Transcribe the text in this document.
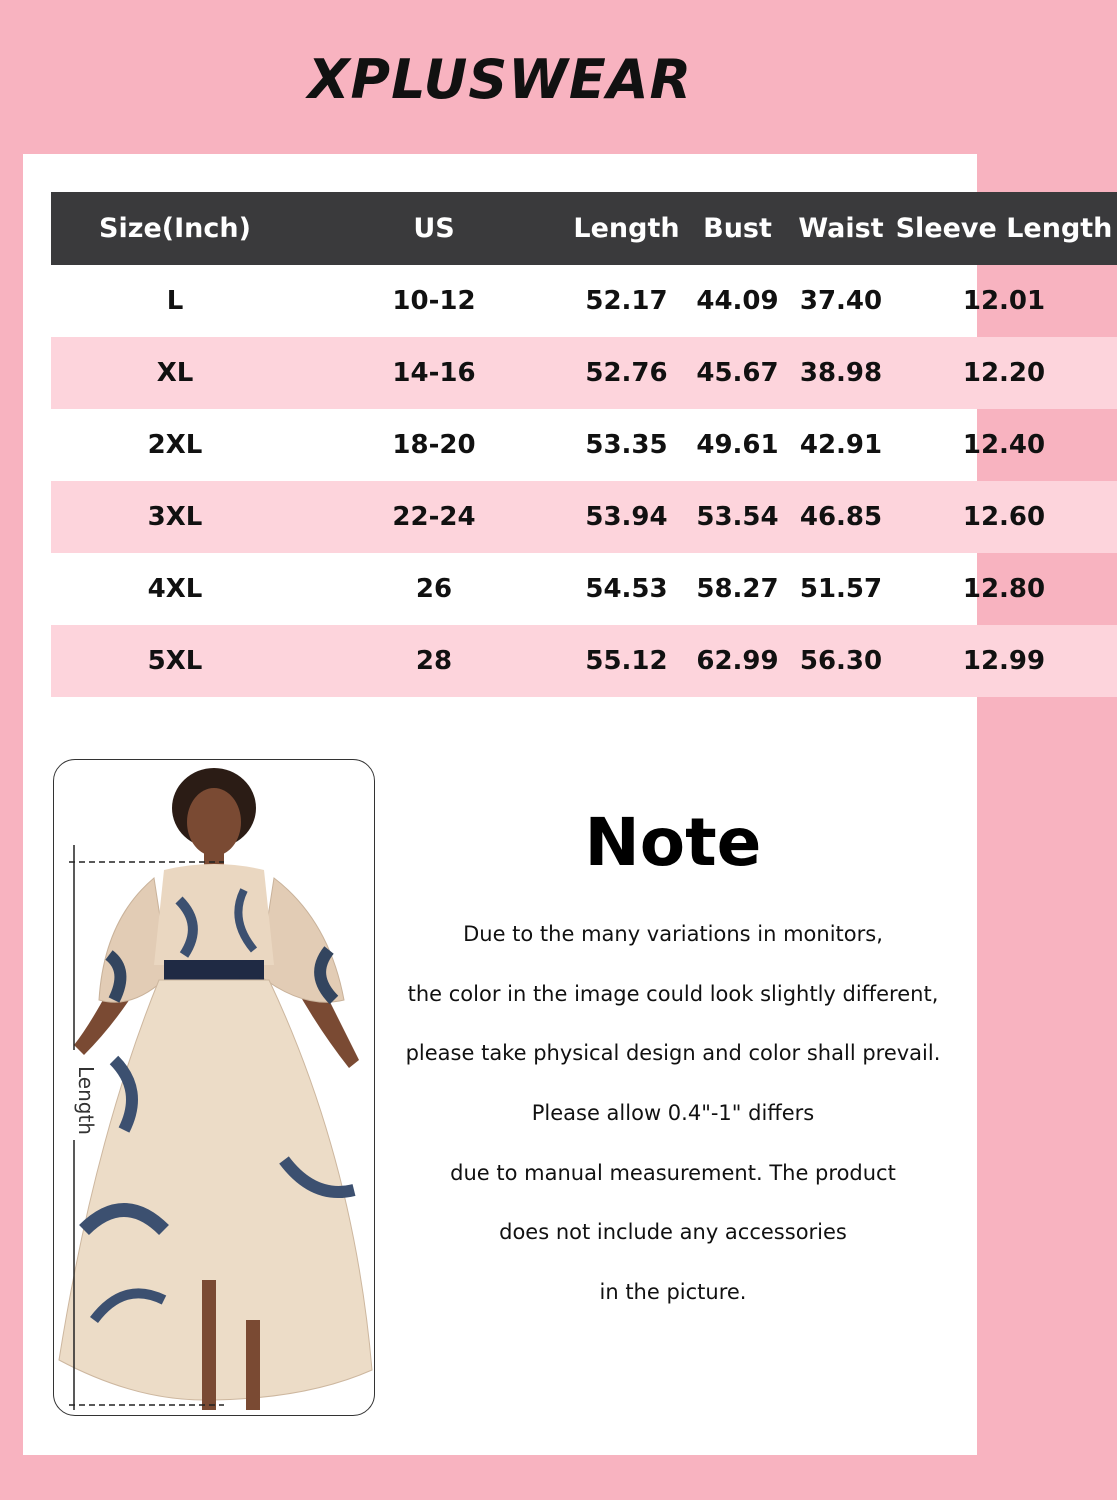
XPLUSWEAR
Size(Inch)	US	Length	Bust	Waist	Sleeve Length
L	10-12	52.17	44.09	37.40	12.01
XL	14-16	52.76	45.67	38.98	12.20
2XL	18-20	53.35	49.61	42.91	12.40
3XL	22-24	53.94	53.54	46.85	12.60
4XL	26	54.53	58.27	51.57	12.80
5XL	28	55.12	62.99	56.30	12.99
Length
Note
Due to the many variations in monitors,
the color in the image could look slightly different,
please take physical design and color shall prevail.
Please allow 0.4"-1" differs
due to manual measurement. The product
does not include any accessories
in the picture.
